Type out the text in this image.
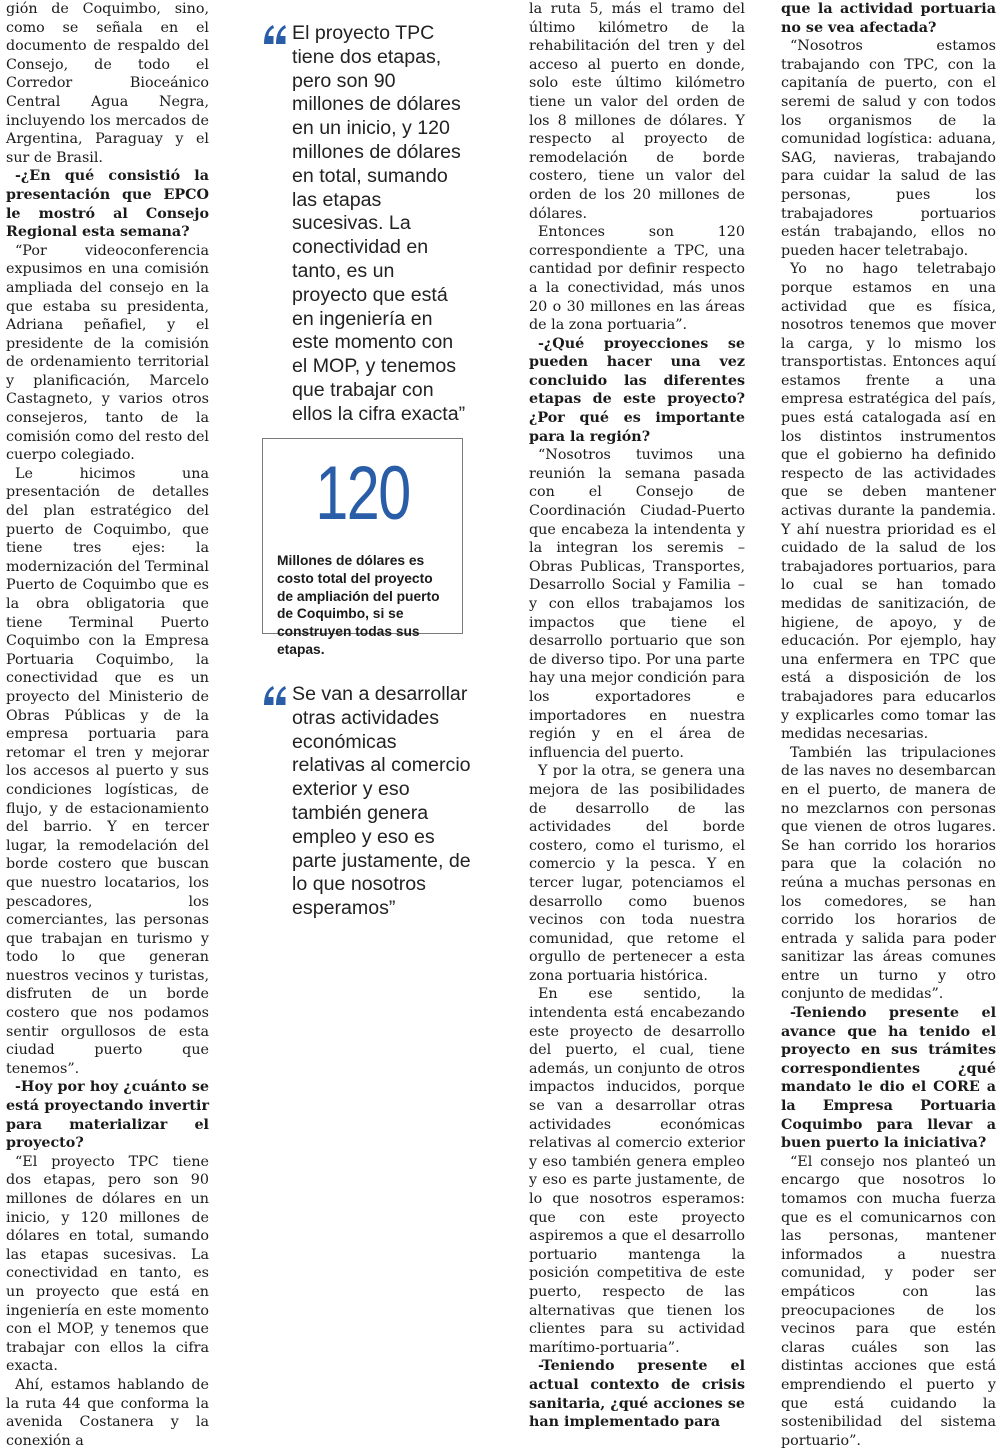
gión de Coquimbo, sino, como se señala en el documento de respaldo del Consejo, de todo el Corredor Bioceánico Central Agua Negra, incluyendo los mercados de Argentina, Paraguay y el sur de Brasil.

-¿En qué consistió la presentación que EPCO le mostró al Consejo Regional esta semana?

“Por videoconferencia expusimos en una comisión ampliada del consejo en la que estaba su presidenta, Adriana peñafiel, y el presidente de la comisión de ordenamiento territorial y planificación, Marcelo Castagneto, y varios otros consejeros, tanto de la comisión como del resto del cuerpo colegiado.

Le hicimos una presentación de detalles del plan estratégico del puerto de Coquimbo, que tiene tres ejes: la modernización del Terminal Puerto de Coquimbo que es la obra obligatoria que tiene Terminal Puerto Coquimbo con la Empresa Portuaria Coquimbo, la conectividad que es un proyecto del Ministerio de Obras Públicas y de la empresa portuaria para retomar el tren y mejorar los accesos al puerto y sus condiciones logísticas, de flujo, y de estacionamiento del barrio. Y en tercer lugar, la remodelación del borde costero que buscan que nuestro locatarios, los pescadores, los comerciantes, las personas que trabajan en turismo y todo lo que generan nuestros vecinos y turistas, disfruten de un borde costero que nos podamos sentir orgullosos de esta ciudad puerto que tenemos”.

-Hoy por hoy ¿cuánto se está proyectando invertir para materializar el proyecto?

“El proyecto TPC tiene dos etapas, pero son 90 millones de dólares en un inicio, y 120 millones de dólares en total, sumando las etapas sucesivas. La conectividad en tanto, es un proyecto que está en ingeniería en este momento con el MOP, y tenemos que trabajar con ellos la cifra exacta.

Ahí, estamos hablando de la ruta 44 que conforma la avenida Costanera y la conexión a

El proyecto TPC tiene dos etapas, pero son 90 millones de dólares en un inicio, y 120 millones de dólares en total, sumando las etapas sucesivas. La conectividad en tanto, es un proyecto que está en ingeniería en este momento con el MOP, y tenemos que trabajar con ellos la cifra exacta”

120

Millones de dólares es costo total del proyecto de ampliación del puerto de Coquimbo, si se construyen todas sus etapas.

Se van a desarrollar otras actividades económicas relativas al comercio exterior y eso también genera empleo y eso es parte justamente, de lo que nosotros esperamos”

la ruta 5, más el tramo del último kilómetro de la rehabilitación del tren y del acceso al puerto en donde, solo este último kilómetro tiene un valor del orden de los 8 millones de dólares. Y respecto al proyecto de remodelación de borde costero, tiene un valor del orden de los 20 millones de dólares.

Entonces son 120 correspondiente a TPC, una cantidad por definir respecto a la conectividad, más unos 20 o 30 millones en las áreas de la zona portuaria”.

-¿Qué proyecciones se pueden hacer una vez concluido las diferentes etapas de este proyecto? ¿Por qué es importante para la región?

“Nosotros tuvimos una reunión la semana pasada con el Consejo de Coordinación Ciudad-Puerto que encabeza la intendenta y la integran los seremis – Obras Publicas, Transportes, Desarrollo Social y Familia – y con ellos trabajamos los impactos que tiene el desarrollo portuario que son de diverso tipo. Por una parte hay una mejor condición para los exportadores e importadores en nuestra región y en el área de influencia del puerto.

Y por la otra, se genera una mejora de las posibilidades de desarrollo de las actividades del borde costero, como el turismo, el comercio y la pesca. Y en tercer lugar, potenciamos el desarrollo como buenos vecinos con toda nuestra comunidad, que retome el orgullo de pertenecer a esta zona portuaria histórica.

En ese sentido, la intendenta está encabezando este proyecto de desarrollo del puerto, el cual, tiene además, un conjunto de otros impactos inducidos, porque se van a desarrollar otras actividades económicas relativas al comercio exterior y eso también genera empleo y eso es parte justamente, de lo que nosotros esperamos: que con este proyecto aspiremos a que el desarrollo portuario mantenga la posición competitiva de este puerto, respecto de las alternativas que tienen los clientes para su actividad marítimo-portuaria”.

-Teniendo presente el actual contexto de crisis sanitaria, ¿qué acciones se han implementado para

que la actividad portuaria no se vea afectada?

“Nosotros estamos trabajando con TPC, con la capitanía de puerto, con el seremi de salud y con todos los organismos de la comunidad logística: aduana, SAG, navieras, trabajando para cuidar la salud de las personas, pues los trabajadores portuarios están trabajando, ellos no pueden hacer teletrabajo.

Yo no hago teletrabajo porque estamos en una actividad que es física, nosotros tenemos que mover la carga, y lo mismo los transportistas. Entonces aquí estamos frente a una empresa estratégica del país, pues está catalogada así en los distintos instrumentos que el gobierno ha definido respecto de las actividades que se deben mantener activas durante la pandemia. Y ahí nuestra prioridad es el cuidado de la salud de los trabajadores portuarios, para lo cual se han tomado medidas de sanitización, de higiene, de apoyo, y de educación. Por ejemplo, hay una enfermera en TPC que está a disposición de los trabajadores para educarlos y explicarles como tomar las medidas necesarias.

También las tripulaciones de las naves no desembarcan en el puerto, de manera de no mezclarnos con personas que vienen de otros lugares. Se han corrido los horarios para que la colación no reúna a muchas personas en los comedores, se han corrido los horarios de entrada y salida para poder sanitizar las áreas comunes entre un turno y otro conjunto de medidas”.

-Teniendo presente el avance que ha tenido el proyecto en sus trámites correspondientes ¿qué mandato le dio el CORE a la Empresa Portuaria Coquimbo para llevar a buen puerto la iniciativa?

“El consejo nos planteó un encargo que nosotros lo tomamos con mucha fuerza que es el comunicarnos con las personas, mantener informados a nuestra comunidad, y poder ser empáticos con las preocupaciones de los vecinos para que estén claras cuáles son las distintas acciones que está emprendiendo el puerto y que está cuidando la sostenibilidad del sistema portuario”.
